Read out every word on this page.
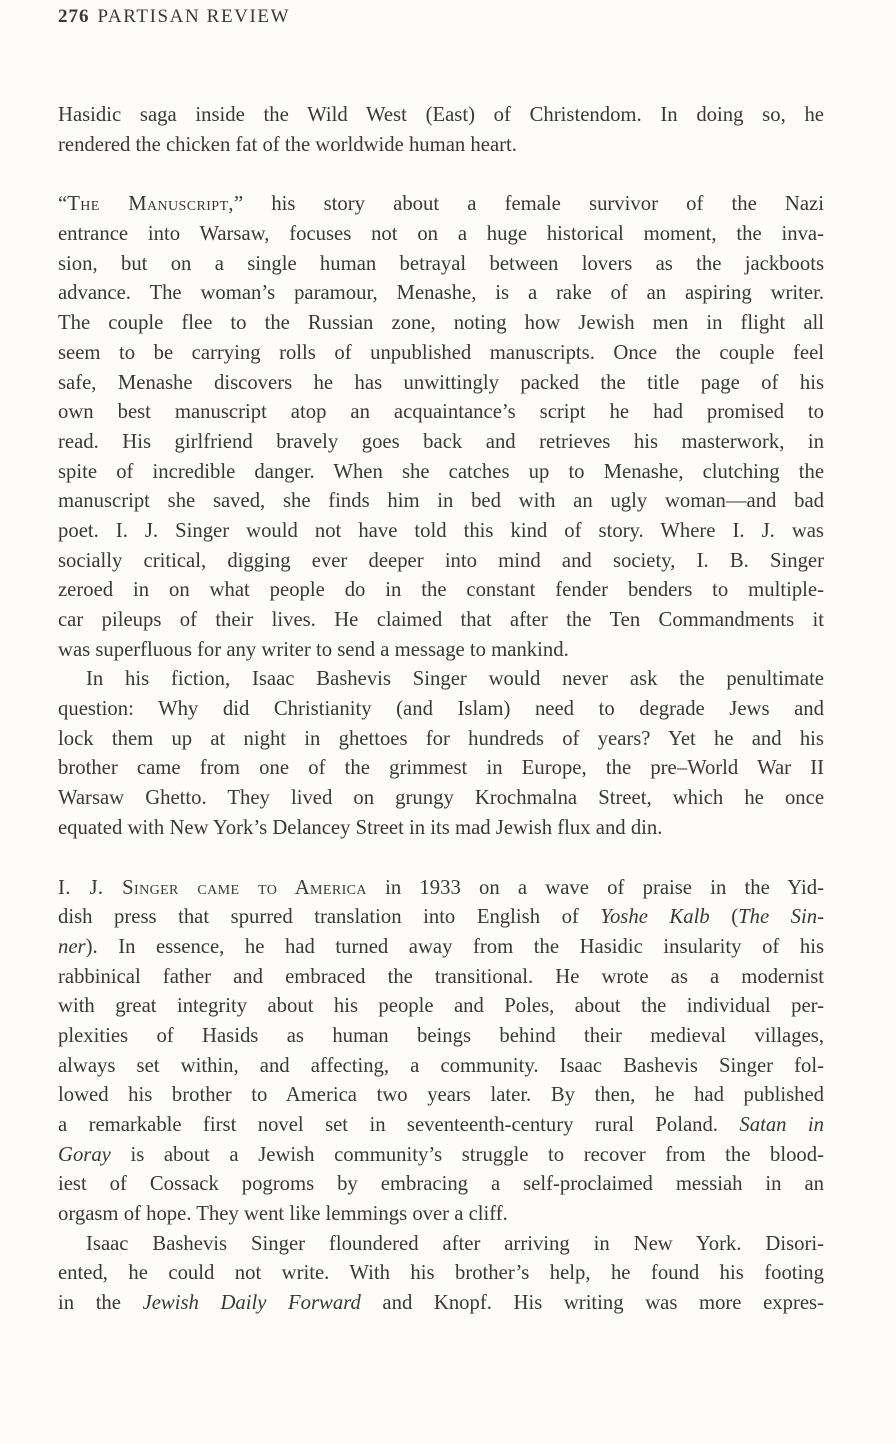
276 PARTISAN REVIEW
Hasidic saga inside the Wild West (East) of Christendom. In doing so, he
rendered the chicken fat of the worldwide human heart.
“The Manuscript,” his story about a female survivor of the Nazi
entrance into Warsaw, focuses not on a huge historical moment, the inva-
sion, but on a single human betrayal between lovers as the jackboots
advance. The woman’s paramour, Menashe, is a rake of an aspiring writer.
The couple flee to the Russian zone, noting how Jewish men in flight all
seem to be carrying rolls of unpublished manuscripts. Once the couple feel
safe, Menashe discovers he has unwittingly packed the title page of his
own best manuscript atop an acquaintance’s script he had promised to
read. His girlfriend bravely goes back and retrieves his masterwork, in
spite of incredible danger. When she catches up to Menashe, clutching the
manuscript she saved, she finds him in bed with an ugly woman—and bad
poet. I. J. Singer would not have told this kind of story. Where I. J. was
socially critical, digging ever deeper into mind and society, I. B. Singer
zeroed in on what people do in the constant fender benders to multiple-
car pileups of their lives. He claimed that after the Ten Commandments it
was superfluous for any writer to send a message to mankind.
In his fiction, Isaac Bashevis Singer would never ask the penultimate
question: Why did Christianity (and Islam) need to degrade Jews and
lock them up at night in ghettoes for hundreds of years? Yet he and his
brother came from one of the grimmest in Europe, the pre–World War II
Warsaw Ghetto. They lived on grungy Krochmalna Street, which he once
equated with New York’s Delancey Street in its mad Jewish flux and din.
I. J. Singer came to America in 1933 on a wave of praise in the Yid-
dish press that spurred translation into English of Yoshe Kalb (The Sin-
ner). In essence, he had turned away from the Hasidic insularity of his
rabbinical father and embraced the transitional. He wrote as a modernist
with great integrity about his people and Poles, about the individual per-
plexities of Hasids as human beings behind their medieval villages,
always set within, and affecting, a community. Isaac Bashevis Singer fol-
lowed his brother to America two years later. By then, he had published
a remarkable first novel set in seventeenth-century rural Poland. Satan in
Goray is about a Jewish community’s struggle to recover from the blood-
iest of Cossack pogroms by embracing a self-proclaimed messiah in an
orgasm of hope. They went like lemmings over a cliff.
Isaac Bashevis Singer floundered after arriving in New York. Disori-
ented, he could not write. With his brother’s help, he found his footing
in the Jewish Daily Forward and Knopf. His writing was more expres-
